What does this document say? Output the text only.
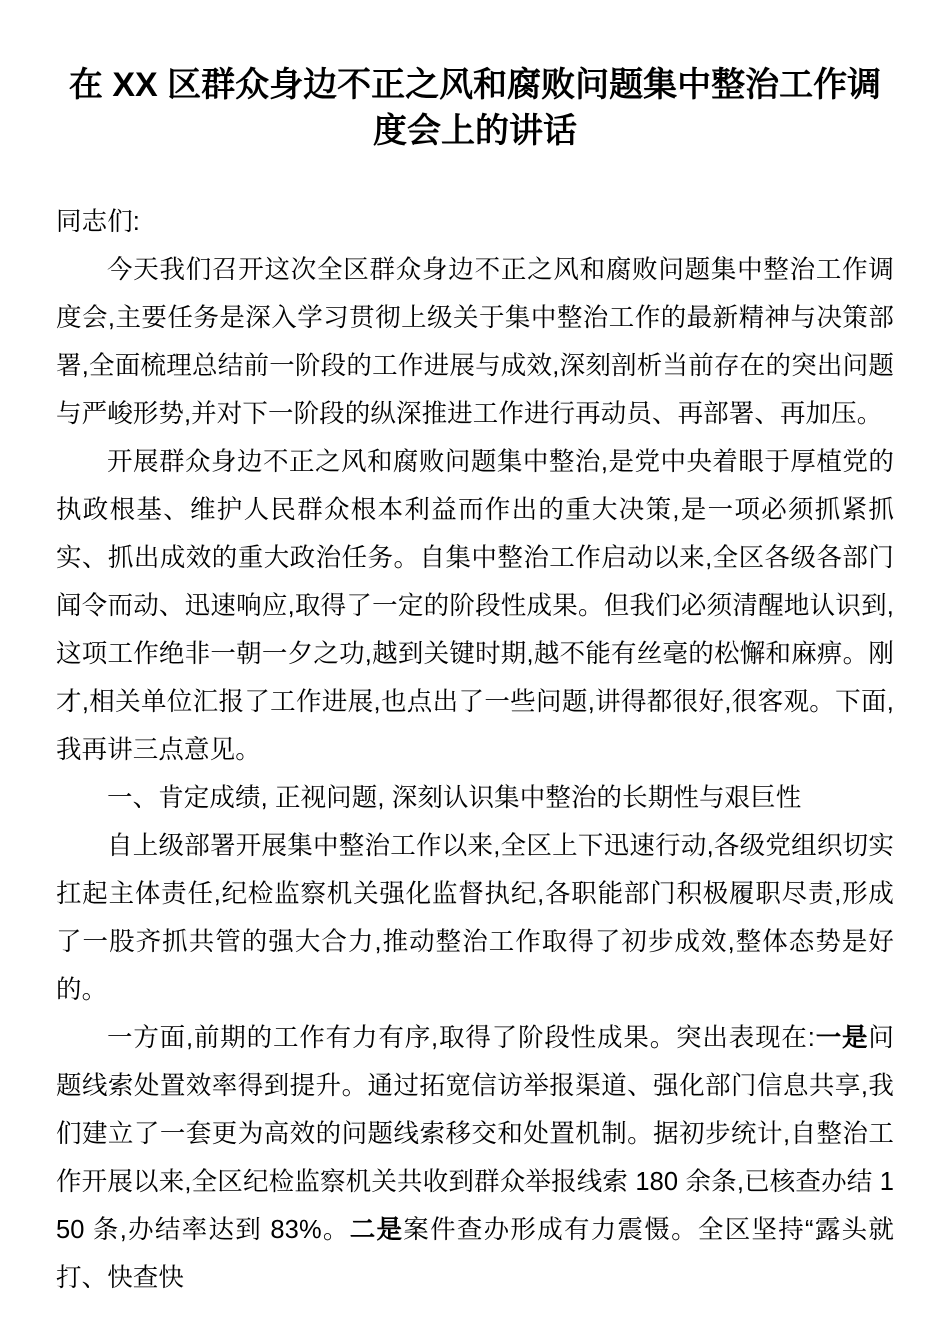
在 XX 区群众身边不正之风和腐败问题集中整治工作调度会上的讲话

同志们:

今天我们召开这次全区群众身边不正之风和腐败问题集中整治工作调度会,主要任务是深入学习贯彻上级关于集中整治工作的最新精神与决策部署,全面梳理总结前一阶段的工作进展与成效,深刻剖析当前存在的突出问题与严峻形势,并对下一阶段的纵深推进工作进行再动员、再部署、再加压。

开展群众身边不正之风和腐败问题集中整治,是党中央着眼于厚植党的执政根基、维护人民群众根本利益而作出的重大决策,是一项必须抓紧抓实、抓出成效的重大政治任务。自集中整治工作启动以来,全区各级各部门闻令而动、迅速响应,取得了一定的阶段性成果。但我们必须清醒地认识到,这项工作绝非一朝一夕之功,越到关键时期,越不能有丝毫的松懈和麻痹。刚才,相关单位汇报了工作进展,也点出了一些问题,讲得都很好,很客观。下面,我再讲三点意见。

一、肯定成绩, 正视问题, 深刻认识集中整治的长期性与艰巨性

自上级部署开展集中整治工作以来,全区上下迅速行动,各级党组织切实扛起主体责任,纪检监察机关强化监督执纪,各职能部门积极履职尽责,形成了一股齐抓共管的强大合力,推动整治工作取得了初步成效,整体态势是好的。

一方面,前期的工作有力有序,取得了阶段性成果。突出表现在:一是问题线索处置效率得到提升。通过拓宽信访举报渠道、强化部门信息共享,我们建立了一套更为高效的问题线索移交和处置机制。据初步统计,自整治工作开展以来,全区纪检监察机关共收到群众举报线索 180 余条,已核查办结 150 条,办结率达到 83%。二是案件查办形成有力震慑。全区坚持“露头就打、快查快
